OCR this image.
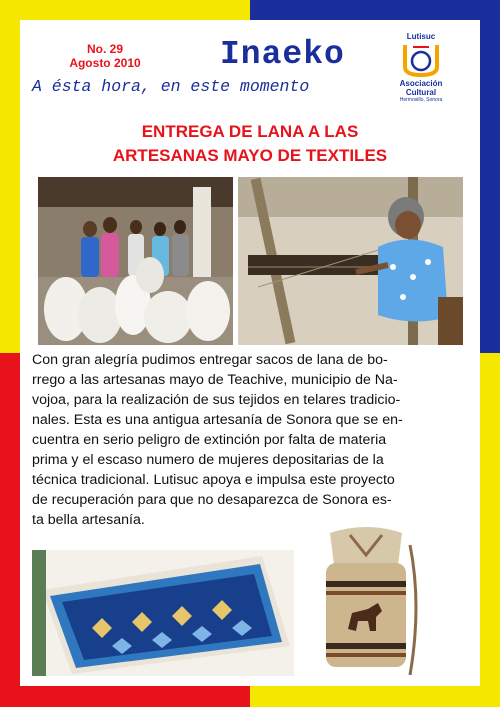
No. 29
Agosto 2010 Inaeko
A ésta hora, en este momento
Lutisuc
Asociación Cultural
Hermosillo, Sonora
ENTREGA DE LANA A LAS
ARTESANAS MAYO DE TEXTILES
Con gran alegría pudimos entregar sacos de lana de bo-
rrego a las artesanas mayo de Teachive, municipio de Na-
vojoa, para la realización de sus tejidos en telares tradicio-
nales. Esta es una antigua artesanía de Sonora que se en-
cuentra en serio peligro de extinción por falta de materia
prima y el escaso numero de mujeres depositarias de la
técnica tradicional. Lutisuc apoya e impulsa este proyecto
de recuperación para que no desaparezca de Sonora es-
ta bella artesanía.
